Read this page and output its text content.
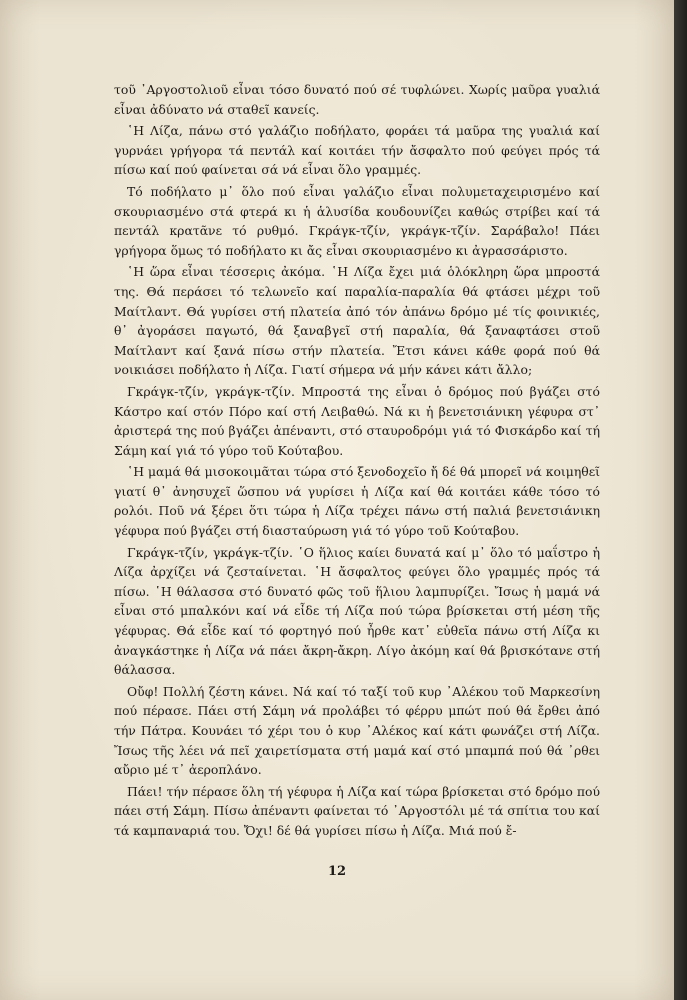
τοῦ ᾽Αργοστολιοῦ εἶναι τόσο δυνατό πού σέ τυφλώνει. Χωρίς μαῦρα γυαλιά εἶναι ἀδύνατο νά σταθεῖ κανείς.

῾Η Λίζα, πάνω στό γαλάζιο ποδήλατο, φοράει τά μαῦρα της γυαλιά καί γυρνάει γρήγορα τά πεντάλ καί κοιτάει τήν ἄσφαλτο πού φεύγει πρός τά πίσω καί πού φαίνεται σά νά εἶναι ὅλο γραμμές.

Τό ποδήλατο μ᾽ ὅλο πού εἶναι γαλάζιο εἶναι πολυμεταχειρισμένο καί σκουριασμένο στά φτερά κι ἡ ἁλυσίδα κουδουνίζει καθώς στρίβει καί τά πεντάλ κρατᾶνε τό ρυθμό. Γκράγκ-τζίν, γκράγκ-τζίν. Σαράβαλο! Πάει γρήγορα ὅμως τό ποδήλατο κι ἄς εἶναι σκουριασμένο κι ἀγρασσάριστο.

῾Η ὥρα εἶναι τέσσερις ἀκόμα. ῾Η Λίζα ἔχει μιά ὁλόκληρη ὥρα μπροστά της. Θά περάσει τό τελωνεῖο καί παραλία-παραλία θά φτάσει μέχρι τοῦ Μαίτλαντ. Θά γυρίσει στή πλατεία ἀπό τόν ἀπάνω δρόμο μέ τίς φοινικιές, θ᾽ ἀγοράσει παγωτό, θά ξαναβγεῖ στή παραλία, θά ξαναφτάσει στοῦ Μαίτλαντ καί ξανά πίσω στήν πλατεία. Ἔτσι κάνει κάθε φορά πού θά νοικιάσει ποδήλατο ἡ Λίζα. Γιατί σήμερα νά μήν κάνει κάτι ἄλλο;

Γκράγκ-τζίν, γκράγκ-τζίν. Μπροστά της εἶναι ὁ δρόμος πού βγάζει στό Κάστρο καί στόν Πόρο καί στή Λειβαθώ. Νά κι ἡ βενετσιάνικη γέφυρα στ᾽ ἀριστερά της πού βγάζει ἀπέναντι, στό σταυροδρόμι γιά τό Φισκάρδο καί τή Σάμη καί γιά τό γύρο τοῦ Κούταβου.

῾Η μαμά θά μισοκοιμᾶται τώρα στό ξενοδοχεῖο ἤ δέ θά μπορεῖ νά κοιμηθεῖ γιατί θ᾽ ἀνησυχεῖ ὥσπου νά γυρίσει ἡ Λίζα καί θά κοιτάει κάθε τόσο τό ρολόι. Ποῦ νά ξέρει ὅτι τώρα ἡ Λίζα τρέχει πάνω στή παλιά βενετσιάνικη γέφυρα πού βγάζει στή διασταύρωση γιά τό γύρο τοῦ Κούταβου.

Γκράγκ-τζίν, γκράγκ-τζίν. ῾Ο ἥλιος καίει δυνατά καί μ᾽ ὅλο τό μαΐστρο ἡ Λίζα ἀρχίζει νά ζεσταίνεται. ῾Η ἄσφαλτος φεύγει ὅλο γραμμές πρός τά πίσω. ῾Η θάλασσα στό δυνατό φῶς τοῦ ἥλιου λαμπυρίζει. Ἴσως ἡ μαμά νά εἶναι στό μπαλκόνι καί νά εἶδε τή Λίζα πού τώρα βρίσκεται στή μέση τῆς γέφυρας. Θά εἶδε καί τό φορτηγό πού ἦρθε κατ᾽ εὐθεῖα πάνω στή Λίζα κι ἀναγκάστηκε ἡ Λίζα νά πάει ἄκρη-ἄκρη. Λίγο ἀκόμη καί θά βρισκότανε στή θάλασσα.

Οὔφ! Πολλή ζέστη κάνει. Νά καί τό ταξί τοῦ κυρ ᾽Αλέκου τοῦ Μαρκεσίνη πού πέρασε. Πάει στή Σάμη νά προλάβει τό φέρρυ μπώτ πού θά ἔρθει ἀπό τήν Πάτρα. Κουνάει τό χέρι του ὁ κυρ ᾽Αλέκος καί κάτι φωνάζει στή Λίζα. Ἴσως τῆς λέει νά πεῖ χαιρετίσματα στή μαμά καί στό μπαμπά πού θά ᾽ρθει αὔριο μέ τ᾽ ἀεροπλάνο.

Πάει! τήν πέρασε ὅλη τή γέφυρα ἡ Λίζα καί τώρα βρίσκεται στό δρόμο πού πάει στή Σάμη. Πίσω ἀπέναντι φαίνεται τό ᾽Αργοστόλι μέ τά σπίτια του καί τά καμπαναριά του. Ὄχι! δέ θά γυρίσει πίσω ἡ Λίζα. Μιά πού ἔ-

12
